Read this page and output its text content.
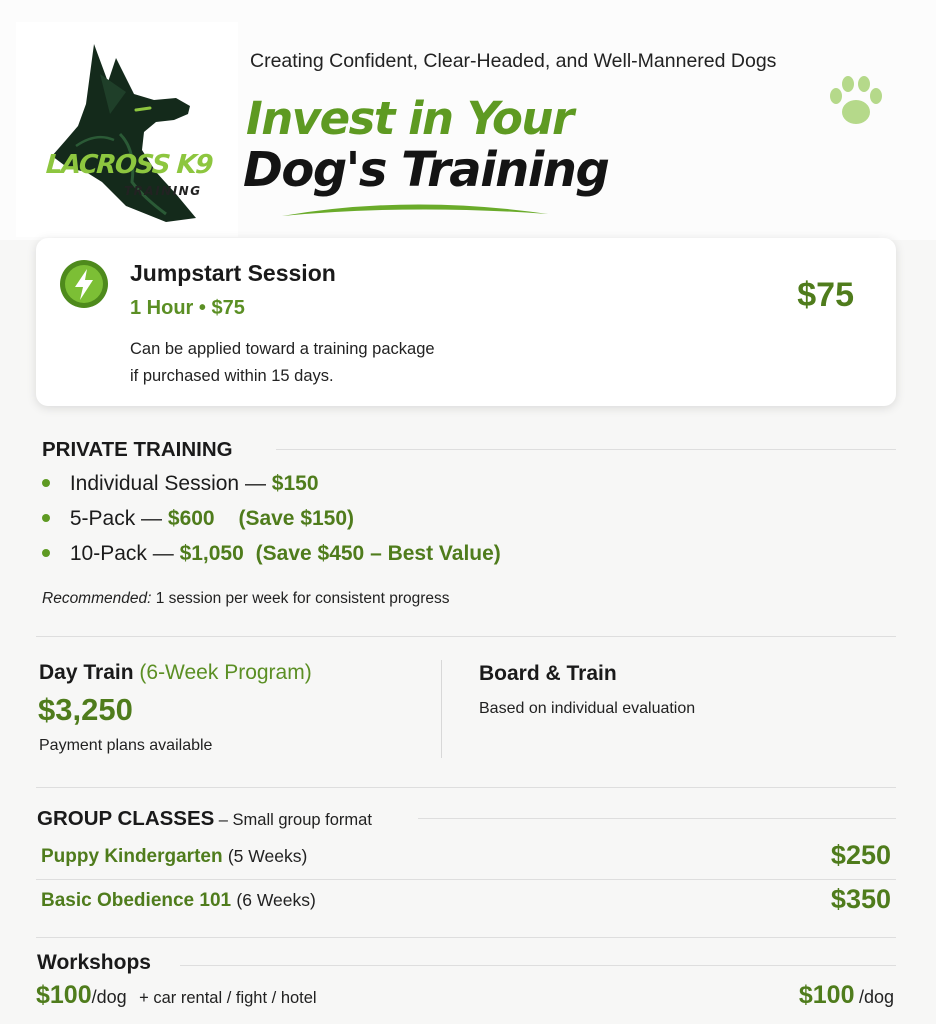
LACROSS K9
TRAINING
Creating Confident, Clear-Headed, and Well-Mannered Dogs
Invest in Your
Dog's Training
Jumpstart Session
1 Hour • $75
Can be applied toward a training package
if purchased within 15 days.
$75
PRIVATE TRAINING
Individual Session — $150
5-Pack — $600 (Save $150)
10-Pack — $1,050 (Save $450 – Best Value)
Recommended: 1 session per week for consistent progress
Day Train (6-Week Program)
$3,250
Payment plans available
Board & Train
Based on individual evaluation
GROUP CLASSES – Small group format
Puppy Kindergarten (5 Weeks)	$250
Basic Obedience 101 (6 Weeks)	$350
Workshops
$100/dog + car rental / fight / hotel	$100 /dog
